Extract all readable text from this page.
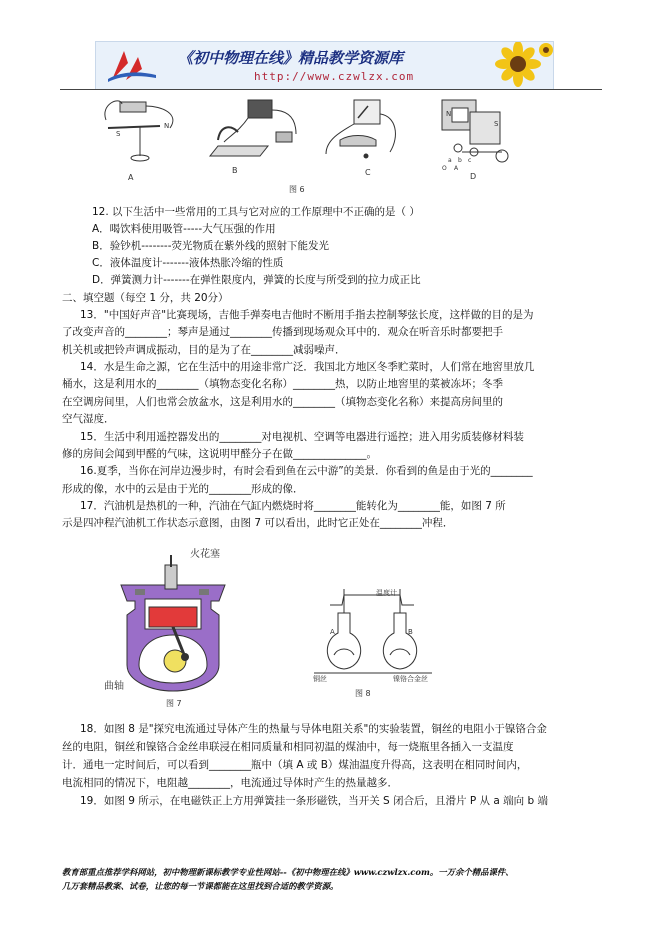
《初中物理在线》精品教学资源库
http://www.czwlzx.com
S
N
N
S
a b c
O A
A
B	C	D
图 6
12. 以下生活中一些常用的工具与它对应的工作原理中不正确的是（ ）
A．喝饮料使用吸管-----大气压强的作用
B．验钞机--------荧光物质在紫外线的照射下能发光
C．液体温度计-------液体热胀冷缩的性质
D．弹簧测力计-------在弹性限度内，弹簧的长度与所受到的拉力成正比
二、填空题（每空 1 分，共 20分）
13．"中国好声音"比赛现场，吉他手弹奏电吉他时不断用手指去控制琴弦长度，这样做的目的是为
了改变声音的________；琴声是通过________传播到现场观众耳中的．观众在听音乐时都要把手
机关机或把铃声调成振动，目的是为了在________减弱噪声．
14．水是生命之源，它在生活中的用途非常广泛．我国北方地区冬季贮菜时，人们常在地窖里放几
桶水，这是利用水的________（填物态变化名称）________热，以防止地窖里的菜被冻坏；冬季
在空调房间里，人们也常会放盆水，这是利用水的________（填物态变化名称）来提高房间里的
空气湿度．
15．生活中利用遥控器发出的________对电视机、空调等电器进行遥控；进入用劣质装修材料装
修的房间会闻到甲醛的气味，这说明甲醛分子在做______________。
16.夏季，当你在河岸边漫步时，有时会看到鱼在云中游”的美景．你看到的鱼是由于光的________
形成的像，水中的云是由于光的________形成的像．
17．汽油机是热机的一种，汽油在气缸内燃烧时将________能转化为________能，如图 7 所
示是四冲程汽油机工作状态示意图，由图 7 可以看出，此时它正处在________冲程．
火花塞
曲轴
图 7
温度计
A	B
铜丝	镍铬合金丝
图 8
18．如图 8 是"探究电流通过导体产生的热量与导体电阻关系"的实验装置，铜丝的电阻小于镍铬合金
丝的电阻，铜丝和镍铬合金丝串联浸在相同质量和相同初温的煤油中，每一烧瓶里各插入一支温度
计．通电一定时间后，可以看到________瓶中（填 A 或 B）煤油温度升得高，这表明在相同时间内，
电流相同的情况下，电阻越________，电流通过导体时产生的热量越多．
19．如图 9 所示，在电磁铁正上方用弹簧挂一条形磁铁，当开关 S 闭合后，且滑片 P 从 a 端向 b 端
教育部重点推荐学科网站，初中物理新课标教学专业性网站--《初中物理在线》www.czwlzx.com。一万余个精品课件、
几万套精品教案、试卷，让您的每一节课都能在这里找到合适的教学资源。
